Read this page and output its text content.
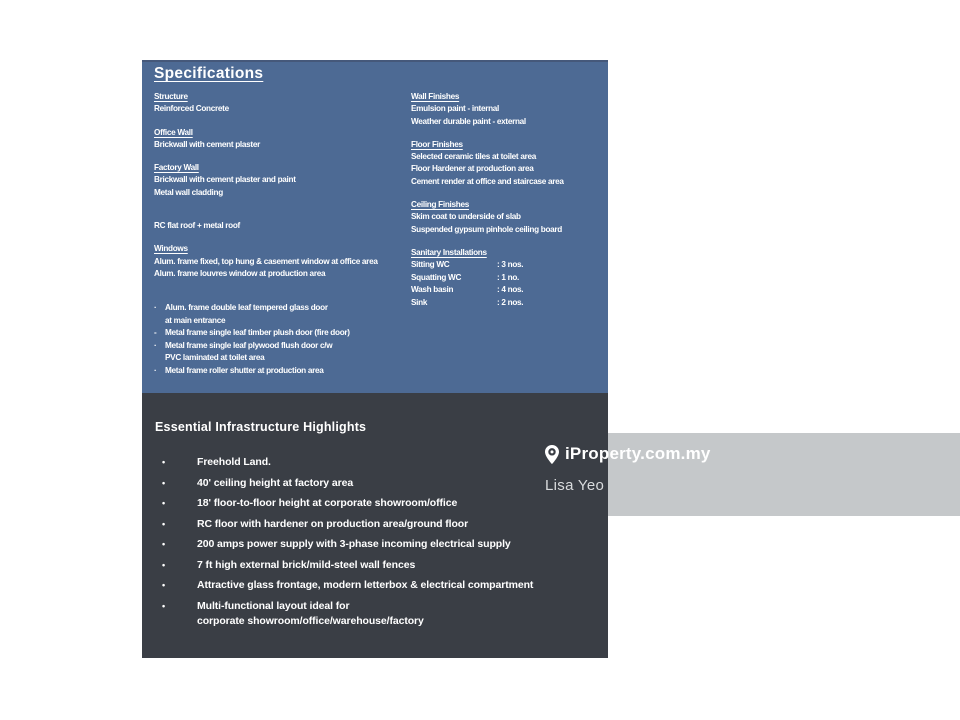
Specifications
Structure
Reinforced Concrete
Office Wall
Brickwall with cement plaster
Factory Wall
Brickwall with cement plaster and paint
Metal wall cladding
RC flat roof + metal roof
Windows
Alum. frame fixed, top hung & casement window at office area
Alum. frame louvres window at production area
·	Alum. frame double leaf tempered glass door
at main entrance
-	Metal frame single leaf timber plush door (fire door)
·	Metal frame single leaf plywood flush door c/w
PVC laminated at toilet area
·	Metal frame roller shutter at production area
Wall Finishes
Emulsion paint - internal
Weather durable paint - external
Floor Finishes
Selected ceramic tiles at toilet area
Floor Hardener at production area
Cement render at office and staircase area
Ceiling Finishes
Skim coat to underside of slab
Suspended gypsum pinhole ceiling board
Sanitary Installations
Sitting WC	: 3 nos.
Squatting WC	: 1 no.
Wash basin	: 4 nos.
Sink	: 2 nos.
Essential Infrastructure Highlights
•	Freehold Land.
•	40' ceiling height at factory area
•	18' floor-to-floor height at corporate showroom/office
•	RC floor with hardener on production area/ground floor
•	200 amps power supply with 3-phase incoming electrical supply
•	7 ft high external brick/mild-steel wall fences
•	Attractive glass frontage, modern letterbox & electrical compartment
•	Multi-functional layout ideal for
corporate showroom/office/warehouse/factory
iProperty.com.my
Lisa Yeo
